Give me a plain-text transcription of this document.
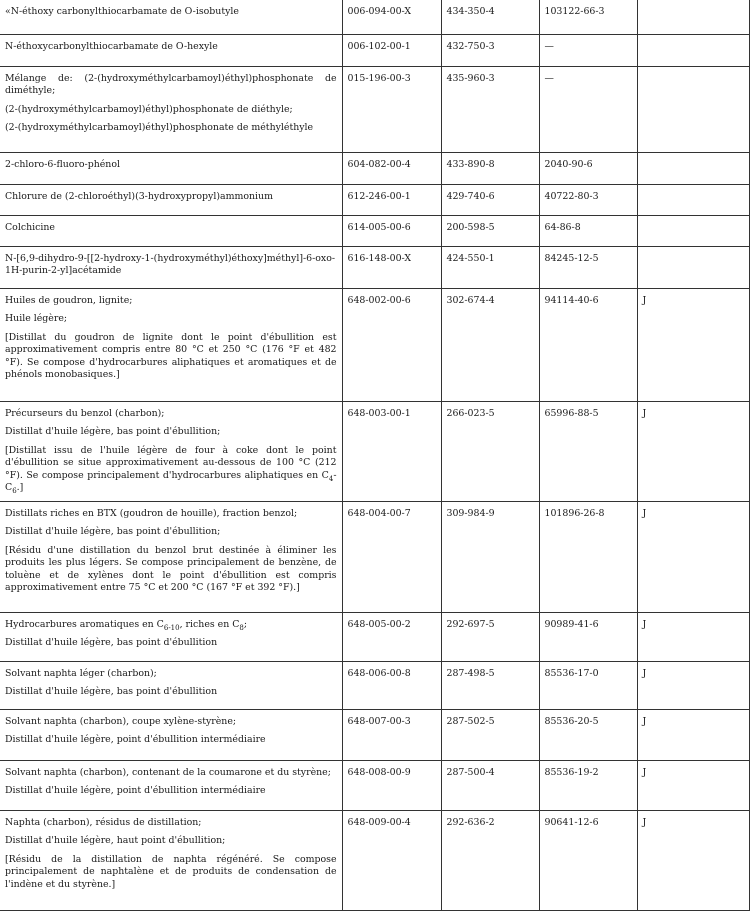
«N-éthoxy carbonylthiocarbamate de O-isobutyle	006-094-00-X	434-350-4	103122-66-3	

N-éthoxycarbonylthiocarbamate de O-hexyle	006-102-00-1	432-750-3	—	

Mélange de: (2-(hydroxyméthylcarbamoyl)éthyl)phosphonate de diméthyle;
(2-(hydroxyméthylcarbamoyl)éthyl)phosphonate de diéthyle;
(2-(hydroxyméthylcarbamoyl)éthyl)phosphonate de méthyléthyle	015-196-00-3	435-960-3	—	

2-chloro-6-fluoro-phénol	604-082-00-4	433-890-8	2040-90-6	

Chlorure de (2-chloroéthyl)(3-hydroxypropyl)ammonium	612-246-00-1	429-740-6	40722-80-3	

Colchicine	614-005-00-6	200-598-5	64-86-8	

N-[6,9-dihydro-9-[[2-hydroxy-1-(hydroxyméthyl)éthoxy]méthyl]-6-oxo-1H-purin-2-yl]acétamide	616-148-00-X	424-550-1	84245-12-5	

Huiles de goudron, lignite;
Huile légère;
[Distillat du goudron de lignite dont le point d'ébullition est approximativement compris entre 80 °C et 250 °C (176 °F et 482 °F). Se compose d'hydrocarbures aliphatiques et aromatiques et de phénols monobasiques.]	648-002-00-6	302-674-4	94114-40-6	J

Précurseurs du benzol (charbon);
Distillat d'huile légère, bas point d'ébullition;
[Distillat issu de l'huile légère de four à coke dont le point d'ébullition se situe approximativement au-dessous de 100 °C (212 °F). Se compose principalement d'hydrocarbures aliphatiques en $C_4-C_6$.]	648-003-00-1	266-023-5	65996-88-5	J

Distillats riches en BTX (goudron de houille), fraction benzol;
Distillat d'huile légère, bas point d'ébullition;
[Résidu d'une distillation du benzol brut destinée à éliminer les produits les plus légers. Se compose principalement de benzène, de toluène et de xylènes dont le point d'ébullition est compris approximativement entre 75 °C et 200 °C (167 °F et 392 °F).]	648-004-00-7	309-984-9	101896-26-8	J

Hydrocarbures aromatiques en $C_{6-10}$, riches en $C_8$;
Distillat d'huile légère, bas point d'ébullition	648-005-00-2	292-697-5	90989-41-6	J

Solvant naphta léger (charbon);
Distillat d'huile légère, bas point d'ébullition	648-006-00-8	287-498-5	85536-17-0	J

Solvant naphta (charbon), coupe xylène-styrène;
Distillat d'huile légère, point d'ébullition intermédiaire	648-007-00-3	287-502-5	85536-20-5	J

Solvant naphta (charbon), contenant de la coumarone et du styrène;
Distillat d'huile légère, point d'ébullition intermédiaire	648-008-00-9	287-500-4	85536-19-2	J

Naphta (charbon), résidus de distillation;
Distillat d'huile légère, haut point d'ébullition;
[Résidu de la distillation de naphta régénéré. Se compose principalement de naphtalène et de produits de condensation de l'indène et du styrène.]	648-009-00-4	292-636-2	90641-12-6	J
